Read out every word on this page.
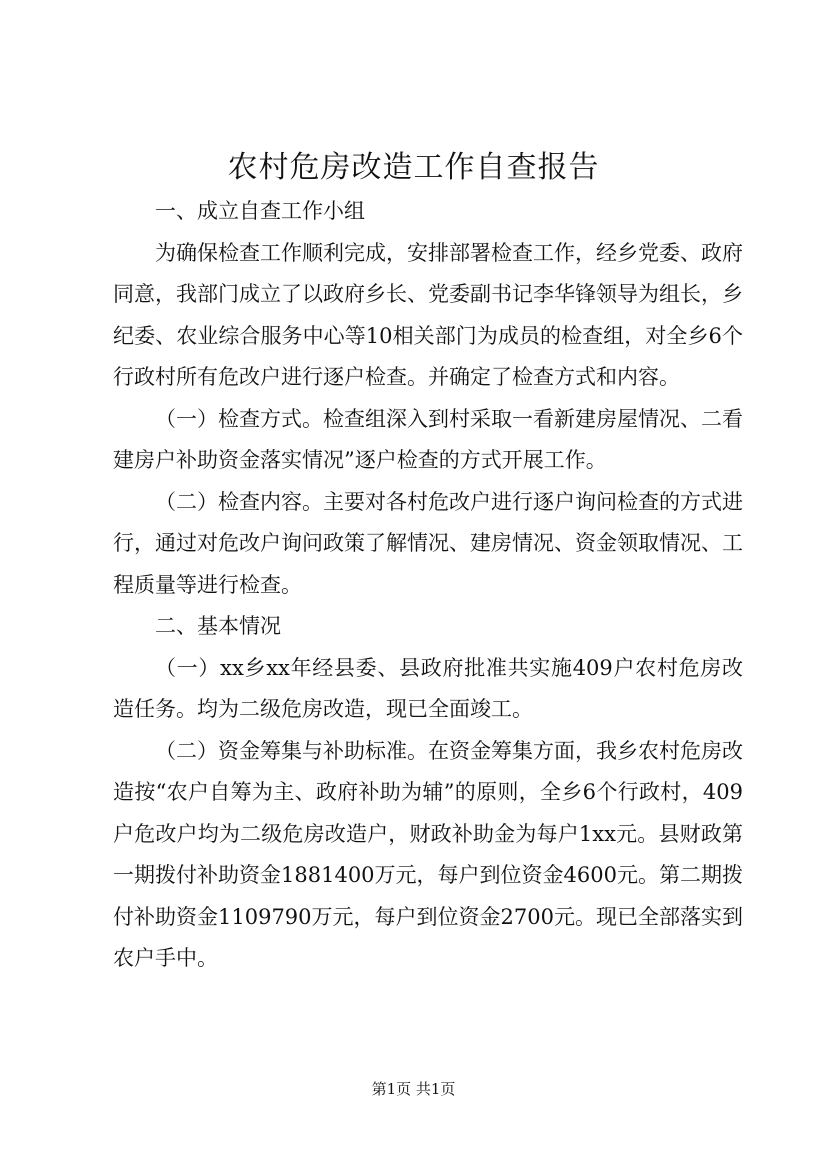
农村危房改造工作自查报告

一、成立自查工作小组

为确保检查工作顺利完成，安排部署检查工作，经乡党委、政府同意，我部门成立了以政府乡长、党委副书记李华锋领导为组长，乡纪委、农业综合服务中心等10相关部门为成员的检查组，对全乡6个行政村所有危改户进行逐户检查。并确定了检查方式和内容。

（一）检查方式。检查组深入到村采取一看新建房屋情况、二看建房户补助资金落实情况”逐户检查的方式开展工作。

（二）检查内容。主要对各村危改户进行逐户询问检查的方式进行，通过对危改户询问政策了解情况、建房情况、资金领取情况、工程质量等进行检查。

二、基本情况

（一）xx乡xx年经县委、县政府批准共实施409户农村危房改造任务。均为二级危房改造，现已全面竣工。

（二）资金筹集与补助标准。在资金筹集方面，我乡农村危房改造按“农户自筹为主、政府补助为辅”的原则，全乡6个行政村，409户危改户均为二级危房改造户，财政补助金为每户1xx元。县财政第一期拨付补助资金1881400万元，每户到位资金4600元。第二期拨付补助资金1109790万元，每户到位资金2700元。现已全部落实到农户手中。

第1页 共1页
